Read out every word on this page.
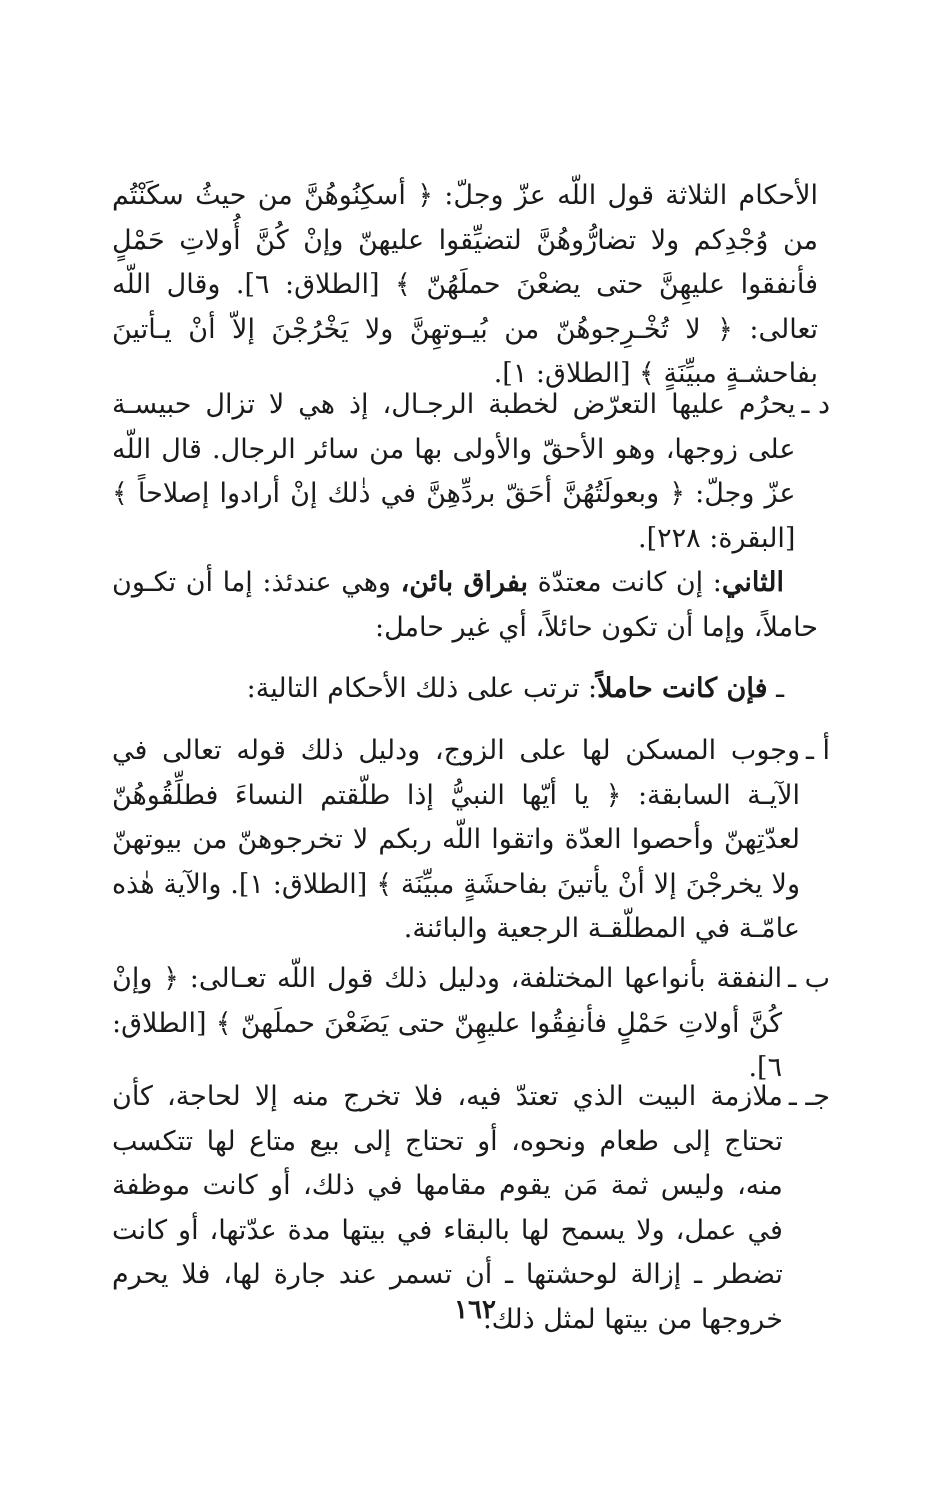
الأحكام الثلاثة قول اللّه عزّ وجلّ: ﴿ أسكِنُوهُنَّ من حيثُ سكَنْتُم من وُجْدِكم ولا تضارُّوهُنَّ لتضيِّقوا عليهنّ وإنْ كُنَّ أُولاتِ حَمْلٍ فأنفقوا عليهِنَّ حتى يضعْنَ حملَهُنّ ﴾ [الطلاق: ٦]. وقال اللّه تعالى: ﴿ لا تُخْـرِجوهُنّ من بُيـوتهِنَّ ولا يَخْرُجْنَ إلاّ أنْ يـأتينَ بفاحشـةٍ مبيِّنَةٍ ﴾ [الطلاق: ١].

د ـ
يحرُم عليها التعرّض لخطبة الرجـال، إذ هي لا تزال حبيسـة على زوجها، وهو الأحقّ والأولى بها من سائر الرجال. قال اللّه عزّ وجلّ: ﴿ وبعولَتُهُنَّ أحَقّ بردِّهِنَّ في ذٰلك إنْ أرادوا إصلاحاً ﴾ [البقرة: ٢٢٨].

الثاني: إن كانت معتدّة بفراق بائن، وهي عندئذ: إما أن تكـون حاملاً، وإما أن تكون حائلاً، أي غير حامل:

ـ فإن كانت حاملاً: ترتب على ذلك الأحكام التالية:

أ ـ
وجوب المسكن لها على الزوج، ودليل ذلك قوله تعالى في الآيـة السابقة: ﴿ يا أيّها النبيُّ إذا طلّقتم النساءَ فطلِّقُوهُنّ لعدّتِهنّ وأحصوا العدّة واتقوا اللّه ربكم لا تخرجوهنّ من بيوتهنّ ولا يخرجْنَ إلا أنْ يأتينَ بفاحشَةٍ مبيِّنَة ﴾ [الطلاق: ١]. والآية هٰذه عامّـة في المطلّقـة الرجعية والبائنة.
ب ـ
النفقة بأنواعها المختلفة، ودليل ذلك قول اللّه تعـالى: ﴿ وإنْ كُنَّ أولاتِ حَمْلٍ فأنفِقُوا عليهِنّ حتى يَضَعْنَ حملَهنّ ﴾ [الطلاق: ٦].
جـ ـ
ملازمة البيت الذي تعتدّ فيه، فلا تخرج منه إلا لحاجة، كأن تحتاج إلى طعام ونحوه، أو تحتاج إلى بيع متاع لها تتكسب منه، وليس ثمة مَن يقوم مقامها في ذلك، أو كانت موظفة في عمل، ولا يسمح لها بالبقاء في بيتها مدة عدّتها، أو كانت تضطر ـ إزالة لوحشتها ـ أن تسمر عند جارة لها، فلا يحرم خروجها من بيتها لمثل ذلك.
١٦٢
